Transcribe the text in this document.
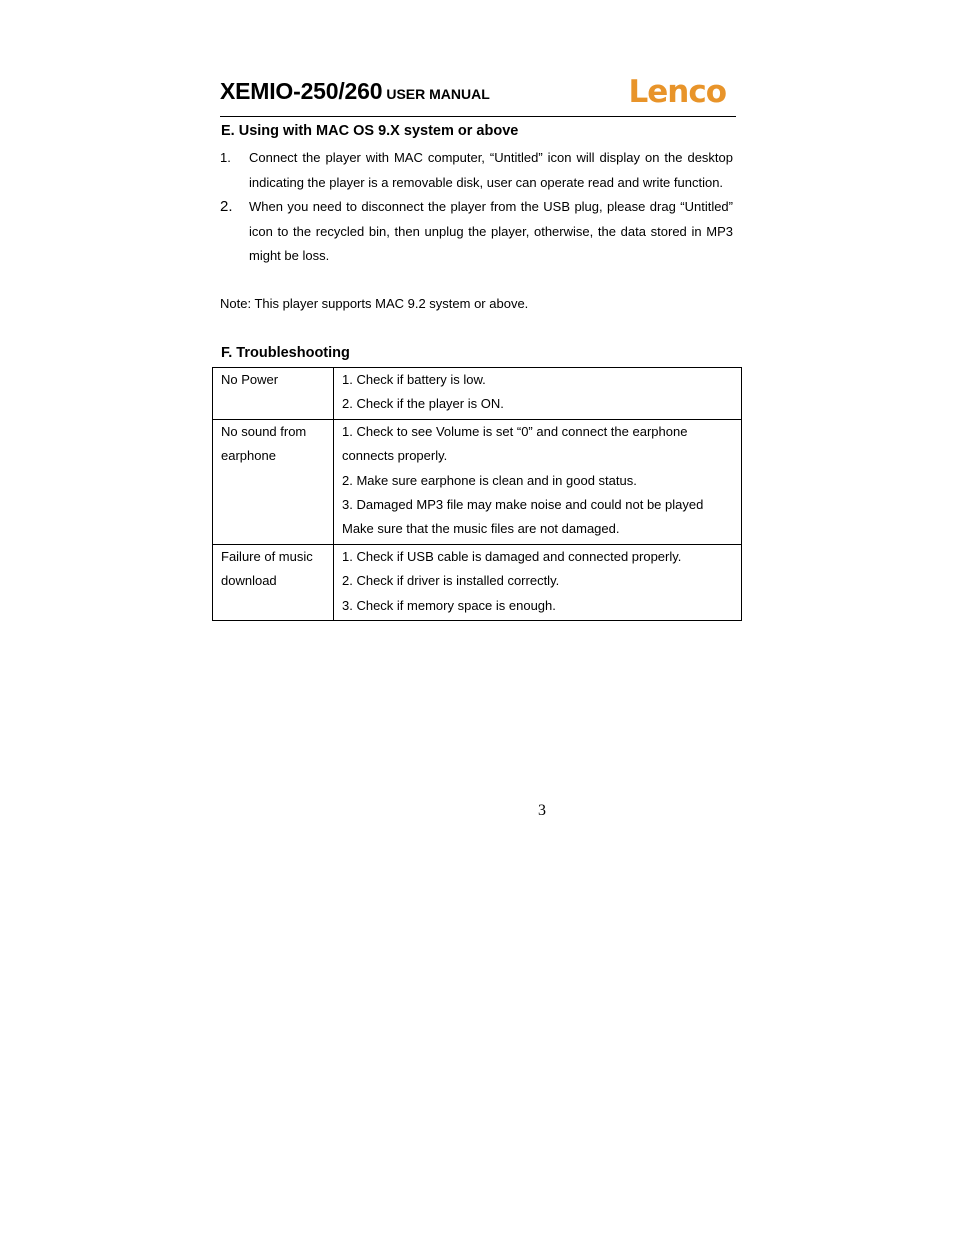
XEMIO-250/260 USER MANUAL	Lenco
E. Using with MAC OS 9.X system or above
1. Connect the player with MAC computer, “Untitled” icon will display on the desktop indicating the player is a removable disk, user can operate read and write function.
2. When you need to disconnect the player from the USB plug, please drag “Untitled” icon to the recycled bin, then unplug the player, otherwise, the data stored in MP3 might be loss.
Note: This player supports MAC 9.2 system or above.
F. Troubleshooting
No Power	1. Check if battery is low.
2. Check if the player is ON.

No sound from earphone	1. Check to see Volume is set “0” and connect the earphone connects properly.
2. Make sure earphone is clean and in good status.
3. Damaged MP3 file may make noise and could not be played Make sure that the music files are not damaged.

Failure of music download	1. Check if USB cable is damaged and connected properly.
2. Check if driver is installed correctly.
3. Check if memory space is enough.
3
